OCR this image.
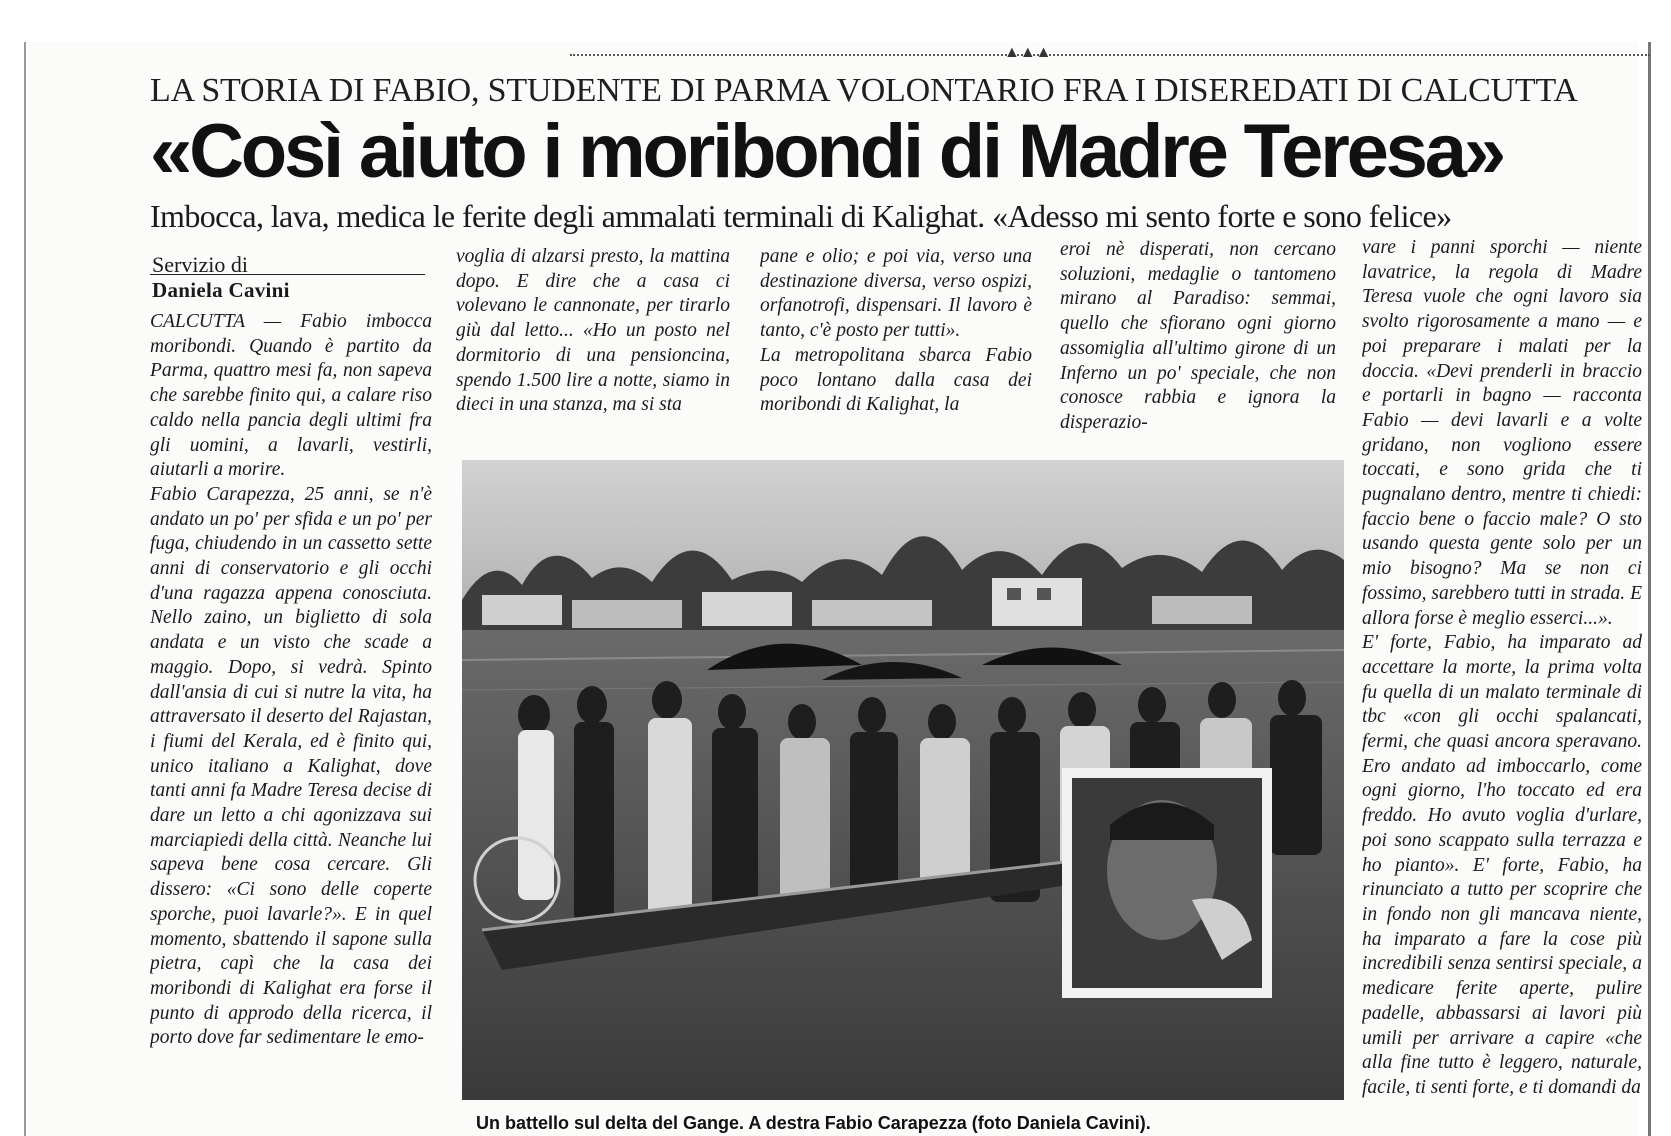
▲▲▲
LA STORIA DI FABIO, STUDENTE DI PARMA VOLONTARIO FRA I DISEREDATI DI CALCUTTA
«Così aiuto i moribondi di Madre Teresa»
Imbocca, lava, medica le ferite degli ammalati terminali di Kalighat. «Adesso mi sento forte e sono felice»
Servizio di
Daniela Cavini

CALCUTTA — Fabio imbocca moribondi. Quando è partito da Parma, quattro mesi fa, non sapeva che sarebbe finito qui, a calare riso caldo nella pancia degli ultimi fra gli uomini, a lavarli, vestirli, aiutarli a morire.

Fabio Carapezza, 25 anni, se n'è andato un po' per sfida e un po' per fuga, chiudendo in un cassetto sette anni di conservatorio e gli occhi d'una ragazza appena conosciuta. Nello zaino, un biglietto di sola andata e un visto che scade a maggio. Dopo, si vedrà. Spinto dall'ansia di cui si nutre la vita, ha attraversato il deserto del Rajastan, i fiumi del Kerala, ed è finito qui, unico italiano a Kalighat, dove tanti anni fa Madre Teresa decise di dare un letto a chi agonizzava sui marciapiedi della città. Neanche lui sapeva bene cosa cercare. Gli dissero: «Ci sono delle coperte sporche, puoi lavarle?». E in quel momento, sbattendo il sapone sulla pietra, capì che la casa dei moribondi di Kalighat era forse il punto di approdo della ricerca, il porto dove far sedimentare le emo-

voglia di alzarsi presto, la mattina dopo. E dire che a casa ci volevano le cannonate, per tirarlo giù dal letto... «Ho un posto nel dormitorio di una pensioncina, spendo 1.500 lire a notte, siamo in dieci in una stanza, ma si sta

pane e olio; e poi via, verso una destinazione diversa, verso ospizi, orfanotrofi, dispensari. Il lavoro è tanto, c'è posto per tutti».

La metropolitana sbarca Fabio poco lontano dalla casa dei moribondi di Kalighat, la

eroi nè disperati, non cercano soluzioni, medaglie o tantomeno mirano al Paradiso: semmai, quello che sfiorano ogni giorno assomiglia all'ultimo girone di un Inferno un po' speciale, che non conosce rabbia e ignora la disperazio-

vare i panni sporchi — niente lavatrice, la regola di Madre Teresa vuole che ogni lavoro sia svolto rigorosamente a mano — e poi preparare i malati per la doccia. «Devi prenderli in braccio e portarli in bagno — racconta Fabio — devi lavarli e a volte gridano, non vogliono essere toccati, e sono grida che ti pugnalano dentro, mentre ti chiedi: faccio bene o faccio male? O sto usando questa gente solo per un mio bisogno? Ma se non ci fossimo, sarebbero tutti in strada. E allora forse è meglio esserci...».

E' forte, Fabio, ha imparato ad accettare la morte, la prima volta fu quella di un malato terminale di tbc «con gli occhi spalancati, fermi, che quasi ancora speravano. Ero andato ad imboccarlo, come ogni giorno, l'ho toccato ed era freddo. Ho avuto voglia d'urlare, poi sono scappato sulla terrazza e ho pianto». E' forte, Fabio, ha rinunciato a tutto per scoprire che in fondo non gli mancava niente, ha imparato a fare la cose più incredibili senza sentirsi speciale, a medicare ferite aperte, pulire padelle, abbassarsi ai lavori più umili per arrivare a capire «che alla fine tutto è leggero, naturale, facile, ti senti forte, e ti domandi da

Un battello sul delta del Gange. A destra Fabio Carapezza (foto Daniela Cavini).
